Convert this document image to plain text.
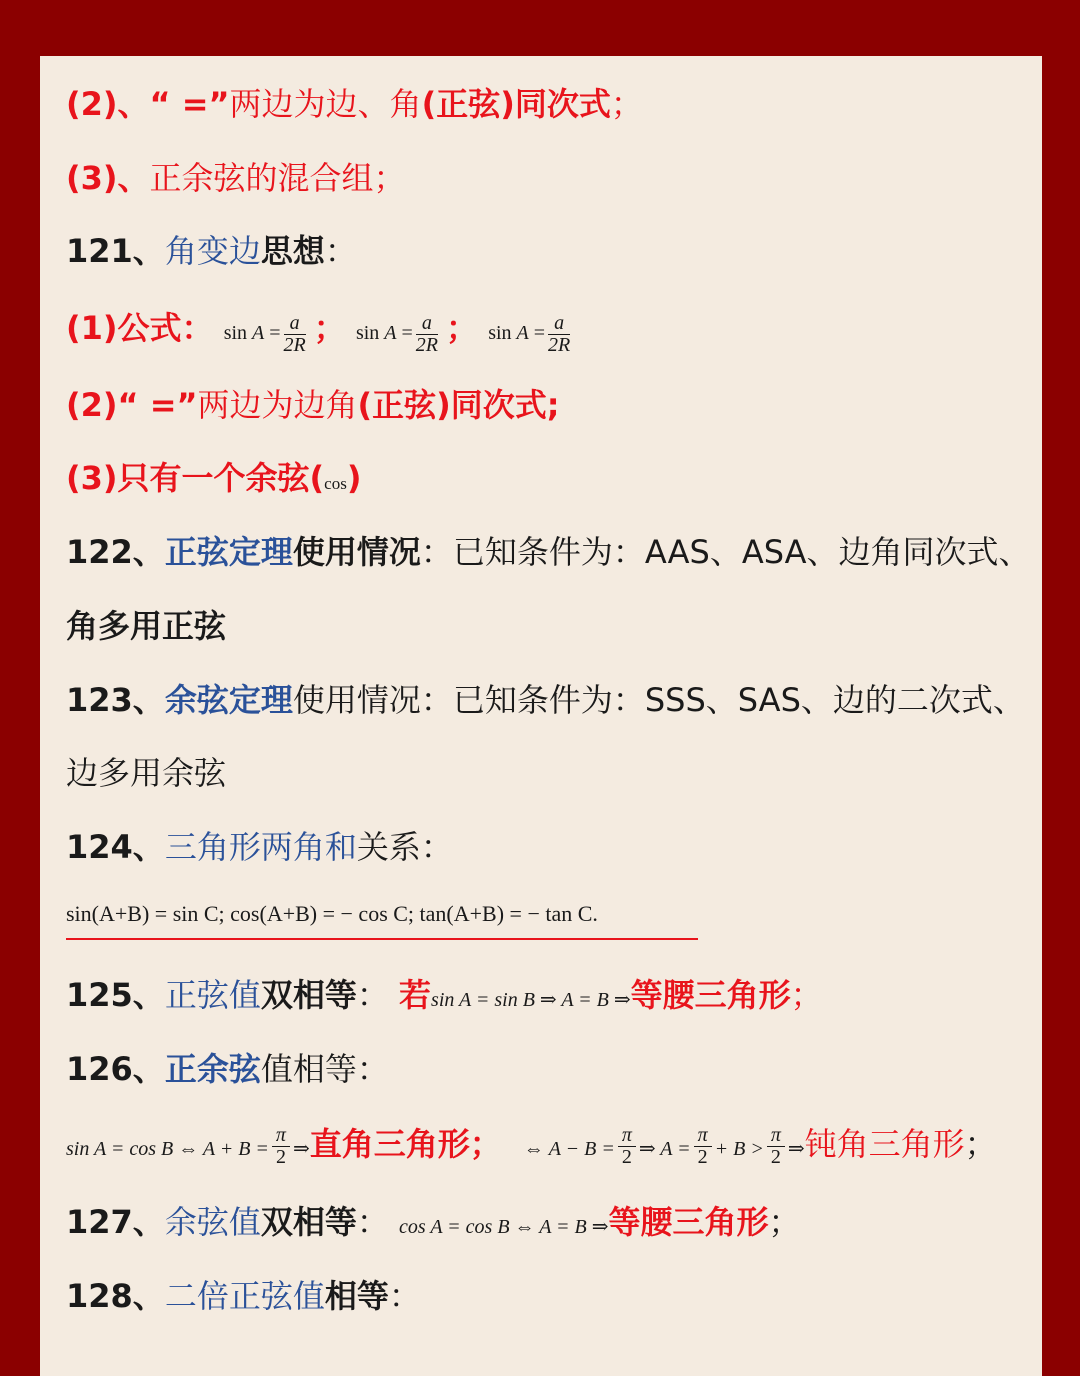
(2)、“ =”两边为边、角(正弦)同次式；
(3)、正余弦的混合组；
121、角变边思想：
(1)公式： $\sin A = \frac{a}{2R}$ ； $\sin A = \frac{a}{2R}$ ； $\sin A = \frac{a}{2R}$
(2)“ =”两边为边角(正弦)同次式;
(3)只有一个余弦(cos)
122、正弦定理使用情况：已知条件为：AAS、ASA、边角同次式、
角多用正弦
123、余弦定理使用情况：已知条件为：SSS、SAS、边的二次式、
边多用余弦
124、三角形两角和关系：
sin(A+B) = sin C; cos(A+B) = − cos C; tan(A+B) = − tan C.
125、正弦值双相等： 若sin A = sin B ⇒ A = B ⇒等腰三角形；
126、正余弦值相等：
sin A = cos B ⇔ $A + B = \frac{\pi}{2}$ ⇒直角三角形； ⇔ $A - B = \frac{\pi}{2}$ ⇒ $A = \frac{\pi}{2} + B > \frac{\pi}{2}$ ⇒钝角三角形；
127、余弦值双相等： cos A = cos B ⇔ A = B ⇒等腰三角形；
128、二倍正弦值相等：
